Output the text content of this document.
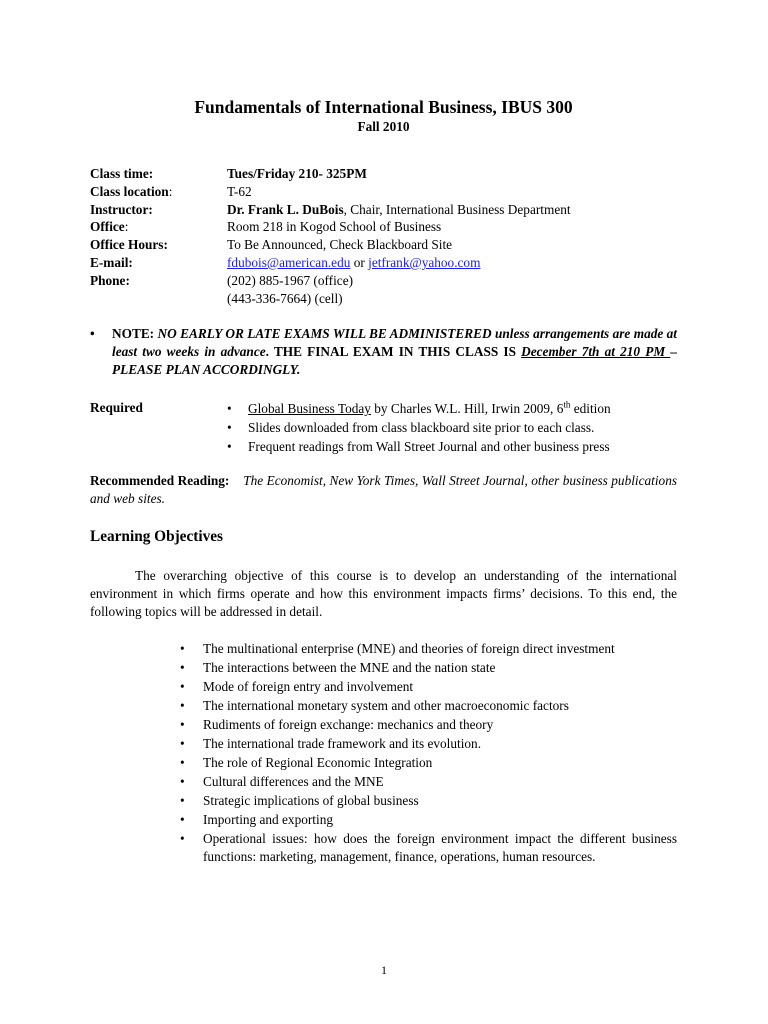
Fundamentals of International Business, IBUS 300
Fall 2010
Class time:	Tues/Friday 210- 325PM
Class location:	T-62
Instructor:	Dr. Frank L. DuBois, Chair, International Business Department
Office:	Room 218 in Kogod School of Business
Office Hours:	To Be Announced, Check Blackboard Site
E-mail:	fdubois@american.edu or jetfrank@yahoo.com
Phone:	(202) 885-1967 (office)
(443-336-7664) (cell)
• NOTE: NO EARLY OR LATE EXAMS WILL BE ADMINISTERED unless arrangements are made at least two weeks in advance. THE FINAL EXAM IN THIS CLASS IS December 7th at 210 PM – PLEASE PLAN ACCORDINGLY.
Required	• Global Business Today by Charles W.L. Hill, Irwin 2009, 6th edition
• Slides downloaded from class blackboard site prior to each class.
• Frequent readings from Wall Street Journal and other business press
Recommended Reading: The Economist, New York Times, Wall Street Journal, other business publications and web sites.
Learning Objectives
The overarching objective of this course is to develop an understanding of the international environment in which firms operate and how this environment impacts firms’ decisions. To this end, the following topics will be addressed in detail.
• The multinational enterprise (MNE) and theories of foreign direct investment
• The interactions between the MNE and the nation state
• Mode of foreign entry and involvement
• The international monetary system and other macroeconomic factors
• Rudiments of foreign exchange: mechanics and theory
• The international trade framework and its evolution.
• The role of Regional Economic Integration
• Cultural differences and the MNE
• Strategic implications of global business
• Importing and exporting
• Operational issues: how does the foreign environment impact the different business functions: marketing, management, finance, operations, human resources.
1
